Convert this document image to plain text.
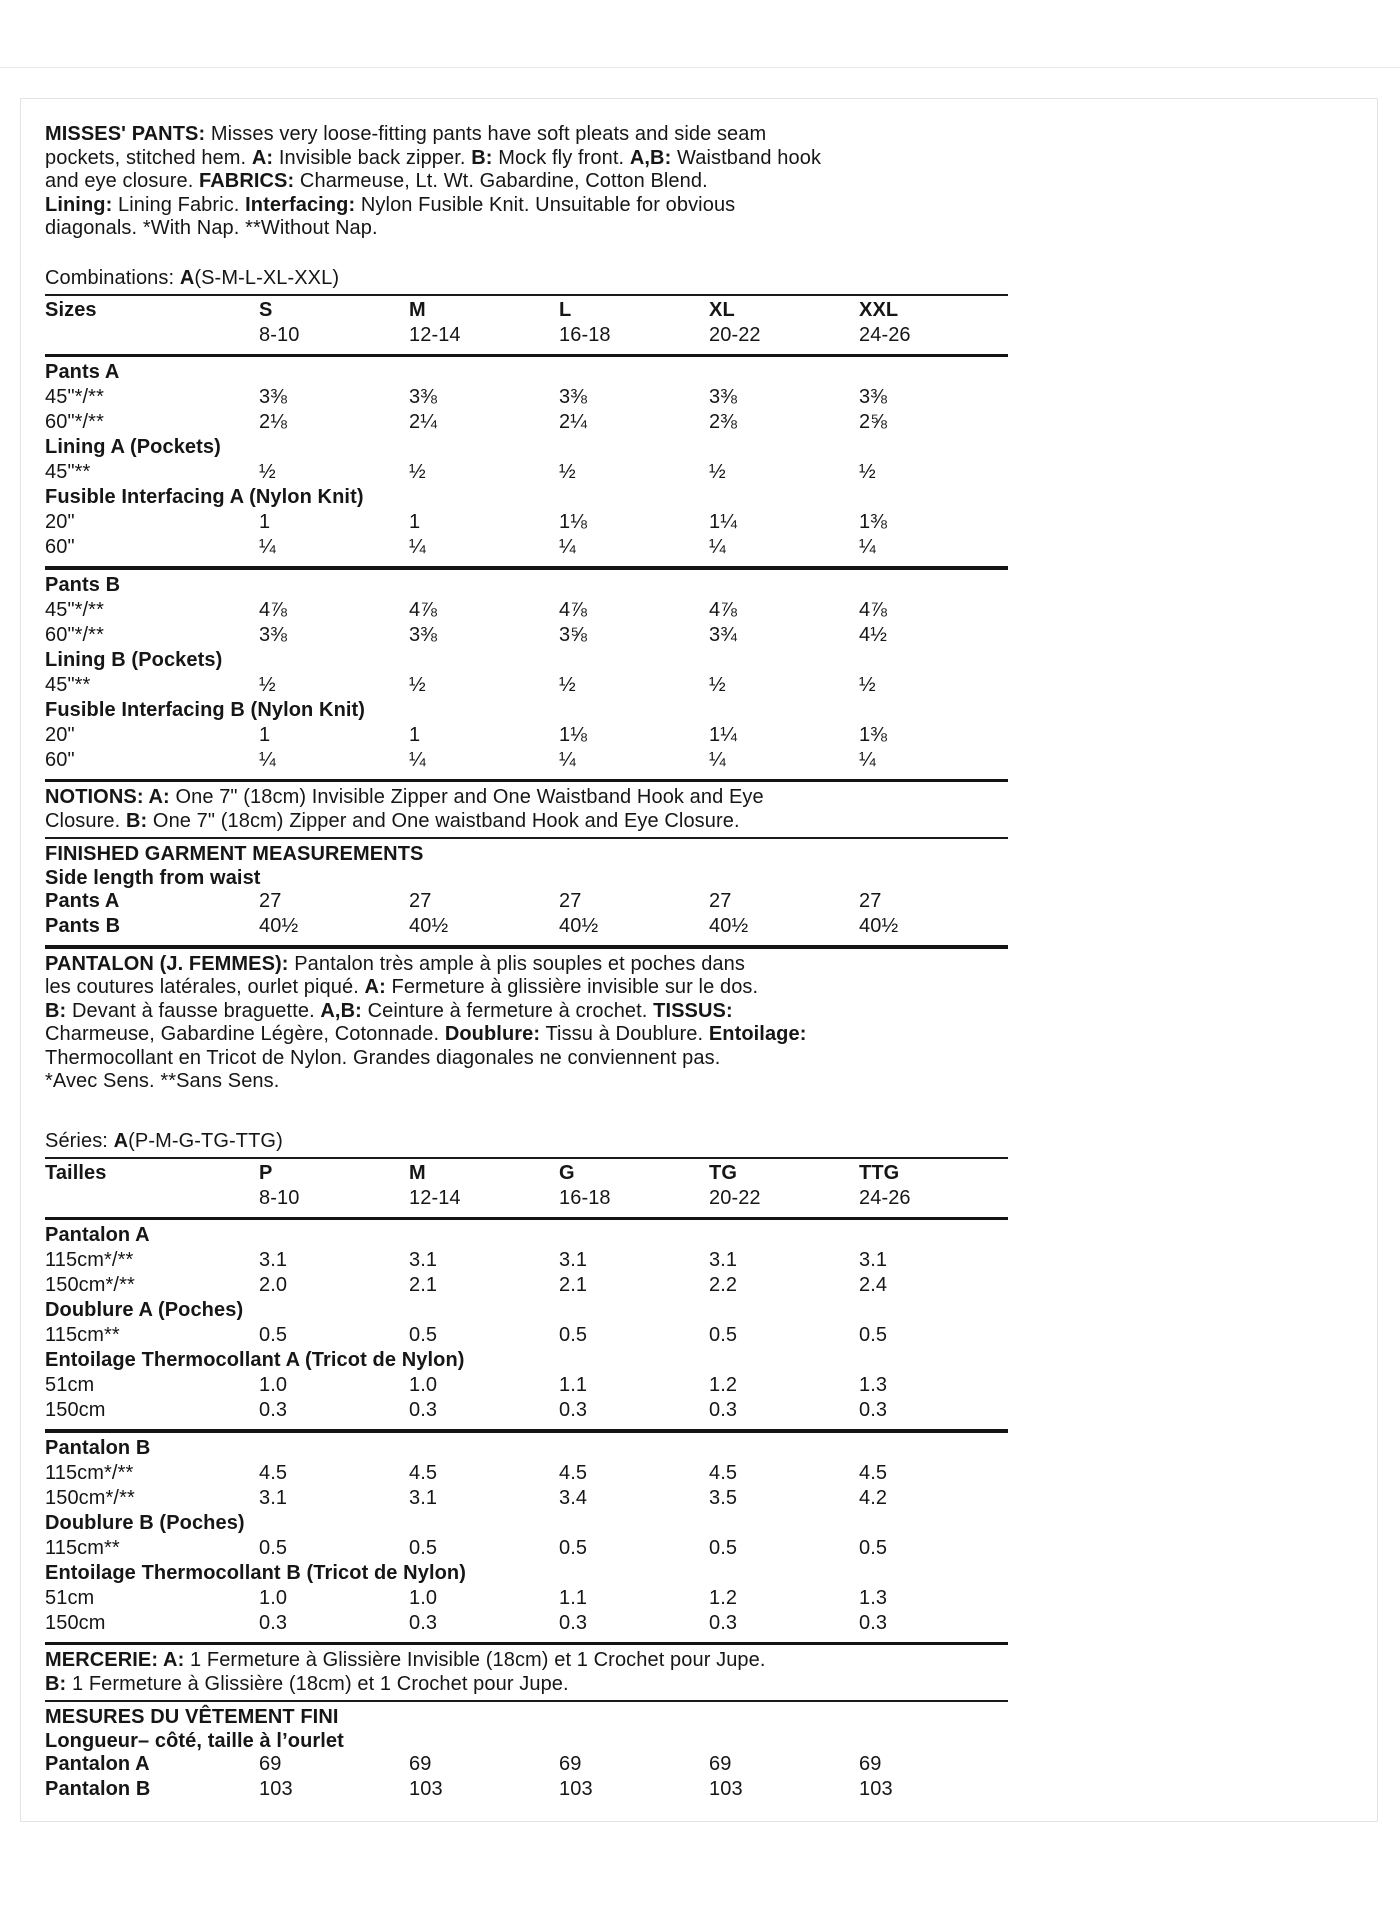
MISSES' PANTS: Misses very loose-fitting pants have soft pleats and side seam
pockets, stitched hem. A: Invisible back zipper. B: Mock fly front. A,B: Waistband hook
and eye closure. FABRICS: Charmeuse, Lt. Wt. Gabardine, Cotton Blend.
Lining: Lining Fabric. Interfacing: Nylon Fusible Knit. Unsuitable for obvious
diagonals. *With Nap. **Without Nap.
Combinations: A(S-M-L-XL-XXL)
Sizes	S	M	L	XL	XXL
8-10	12-14	16-18	20-22	24-26
Pants A
45"*/**	3⅜	3⅜	3⅜	3⅜	3⅜
60"*/**	2⅛	2¼	2¼	2⅜	2⅝
Lining A (Pockets)
45"**	½	½	½	½	½
Fusible Interfacing A (Nylon Knit)
20"	1	1	1⅛	1¼	1⅜
60"	¼	¼	¼	¼	¼
Pants B
45"*/**	4⅞	4⅞	4⅞	4⅞	4⅞
60"*/**	3⅜	3⅜	3⅝	3¾	4½
Lining B (Pockets)
45"**	½	½	½	½	½
Fusible Interfacing B (Nylon Knit)
20"	1	1	1⅛	1¼	1⅜
60"	¼	¼	¼	¼	¼
NOTIONS: A: One 7" (18cm) Invisible Zipper and One Waistband Hook and Eye
Closure. B: One 7" (18cm) Zipper and One waistband Hook and Eye Closure.
FINISHED GARMENT MEASUREMENTS
Side length from waist
Pants A	27	27	27	27	27
Pants B	40½	40½	40½	40½	40½
PANTALON (J. FEMMES): Pantalon très ample à plis souples et poches dans
les coutures latérales, ourlet piqué. A: Fermeture à glissière invisible sur le dos.
B: Devant à fausse braguette. A,B: Ceinture à fermeture à crochet. TISSUS:
Charmeuse, Gabardine Légère, Cotonnade. Doublure: Tissu à Doublure. Entoilage:
Thermocollant en Tricot de Nylon. Grandes diagonales ne conviennent pas.
*Avec Sens. **Sans Sens.
Séries: A(P-M-G-TG-TTG)
Tailles	P	M	G	TG	TTG
8-10	12-14	16-18	20-22	24-26
Pantalon A
115cm*/**	3.1	3.1	3.1	3.1	3.1
150cm*/**	2.0	2.1	2.1	2.2	2.4
Doublure A (Poches)
115cm**	0.5	0.5	0.5	0.5	0.5
Entoilage Thermocollant A (Tricot de Nylon)
51cm	1.0	1.0	1.1	1.2	1.3
150cm	0.3	0.3	0.3	0.3	0.3
Pantalon B
115cm*/**	4.5	4.5	4.5	4.5	4.5
150cm*/**	3.1	3.1	3.4	3.5	4.2
Doublure B (Poches)
115cm**	0.5	0.5	0.5	0.5	0.5
Entoilage Thermocollant B (Tricot de Nylon)
51cm	1.0	1.0	1.1	1.2	1.3
150cm	0.3	0.3	0.3	0.3	0.3
MERCERIE: A: 1 Fermeture à Glissière Invisible (18cm) et 1 Crochet pour Jupe.
B: 1 Fermeture à Glissière (18cm) et 1 Crochet pour Jupe.
MESURES DU VÊTEMENT FINI
Longueur– côté, taille à l’ourlet
Pantalon A	69	69	69	69	69
Pantalon B	103	103	103	103	103
